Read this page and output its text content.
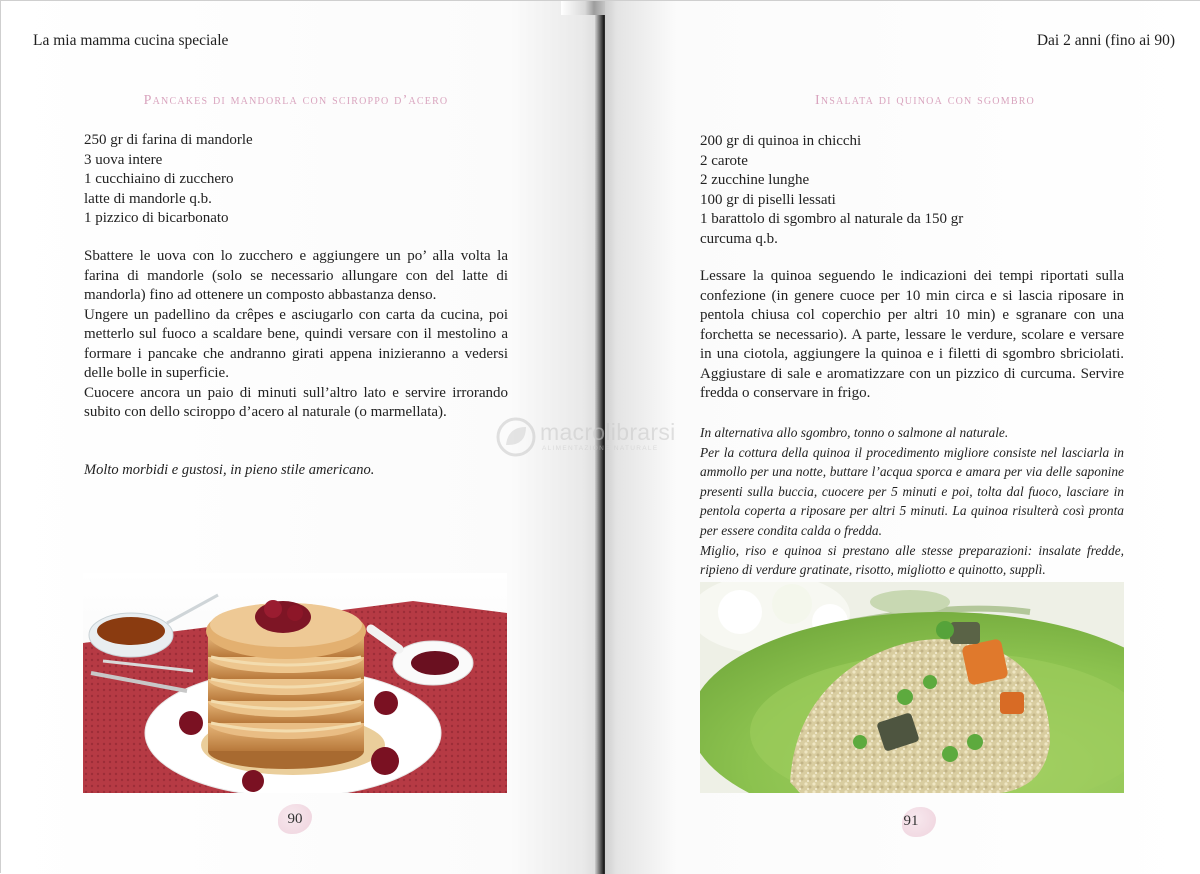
La mia mamma cucina speciale
Pancakes di mandorla con sciroppo d’acero
250 gr di farina di mandorle
3 uova intere
1 cucchiaino di zucchero
latte di mandorle q.b.
1 pizzico di bicarbonato

Sbattere le uova con lo zucchero e aggiungere un po’ alla volta la farina di mandorle (solo se necessario allungare con del latte di mandorla) fino ad ottenere un composto abbastanza denso.

Ungere un padellino da crêpes e asciugarlo con carta da cucina, poi metterlo sul fuoco a scaldare bene, quindi versare con il mestolino a formare i pancake che andranno girati appena inizieranno a vedersi delle bolle in superficie.

Cuocere ancora un paio di minuti sull’altro lato e servire irrorando subito con dello sciroppo d’acero al naturale (o marmellata).

Molto morbidi e gustosi, in pieno stile americano.
90
Dai 2 anni (fino ai 90)
Insalata di quinoa con sgombro
200 gr di quinoa in chicchi
2 carote
2 zucchine lunghe
100 gr di piselli lessati
1 barattolo di sgombro al naturale da 150 gr
curcuma q.b.

Lessare la quinoa seguendo le indicazioni dei tempi riportati sulla confezione (in genere cuoce per 10 min circa e si lascia riposare in pentola chiusa col coperchio per altri 10 min) e sgranare con una forchetta se necessario). A parte, lessare le verdure, scolare e versare in una ciotola, aggiungere la quinoa e i filetti di sgombro sbriciolati. Aggiustare di sale e aromatizzare con un pizzico di curcuma. Servire fredda o conservare in frigo.

In alternativa allo sgombro, tonno o salmone al naturale.

Per la cottura della quinoa il procedimento migliore consiste nel lasciarla in ammollo per una notte, buttare l’acqua sporca e amara per via delle saponine presenti sulla buccia, cuocere per 5 minuti e poi, tolta dal fuoco, lasciare in pentola coperta a riposare per altri 5 minuti. La quinoa risulterà così pronta per essere condita calda o fredda.

Miglio, riso e quinoa si prestano alle stesse preparazioni: insalate fredde, ripieno di verdure gratinate, risotto, migliotto e quinotto, supplì.

91
macrolibrarsi
ALIMENTAZIONE NATURALE
